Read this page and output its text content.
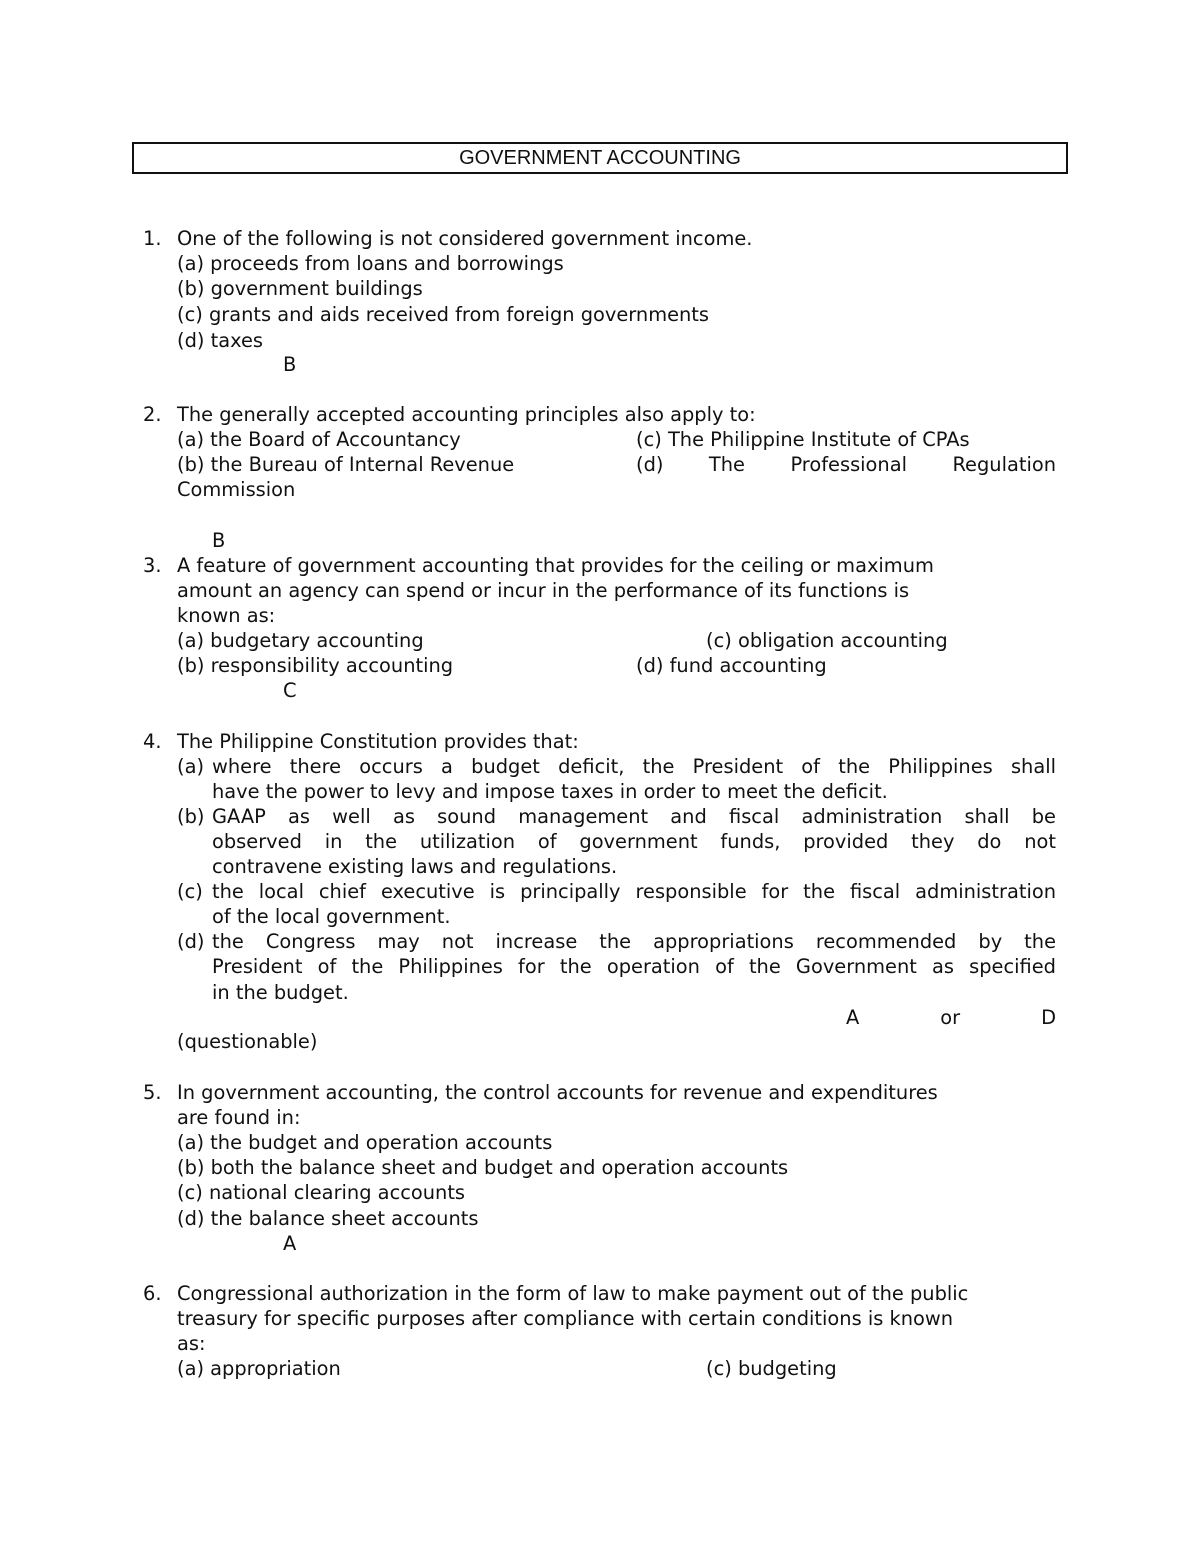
GOVERNMENT ACCOUNTING
1. One of the following is not considered government income.
(a) proceeds from loans and borrowings
(b) government buildings
(c) grants and aids received from foreign governments
(d) taxes
B
2. The generally accepted accounting principles also apply to:
(a) the Board of Accountancy	(c) The Philippine Institute of CPAs
(b) the Bureau of Internal Revenue	(d) The Professional Regulation
Commission
B
3. A feature of government accounting that provides for the ceiling or maximum
amount an agency can spend or incur in the performance of its functions is
known as:
(a) budgetary accounting	(c) obligation accounting
(b) responsibility accounting	(d) fund accounting
C
4. The Philippine Constitution provides that:
(a) where there occurs a budget deficit, the President of the Philippines shall
have the power to levy and impose taxes in order to meet the deficit.
(b) GAAP as well as sound management and fiscal administration shall be
observed in the utilization of government funds, provided they do not
contravene existing laws and regulations.
(c) the local chief executive is principally responsible for the fiscal administration
of the local government.
(d) the Congress may not increase the appropriations recommended by the
President of the Philippines for the operation of the Government as specified
in the budget.
A or D
(questionable)
5. In government accounting, the control accounts for revenue and expenditures
are found in:
(a) the budget and operation accounts
(b) both the balance sheet and budget and operation accounts
(c) national clearing accounts
(d) the balance sheet accounts
A
6. Congressional authorization in the form of law to make payment out of the public
treasury for specific purposes after compliance with certain conditions is known
as:
(a) appropriation	(c) budgeting
